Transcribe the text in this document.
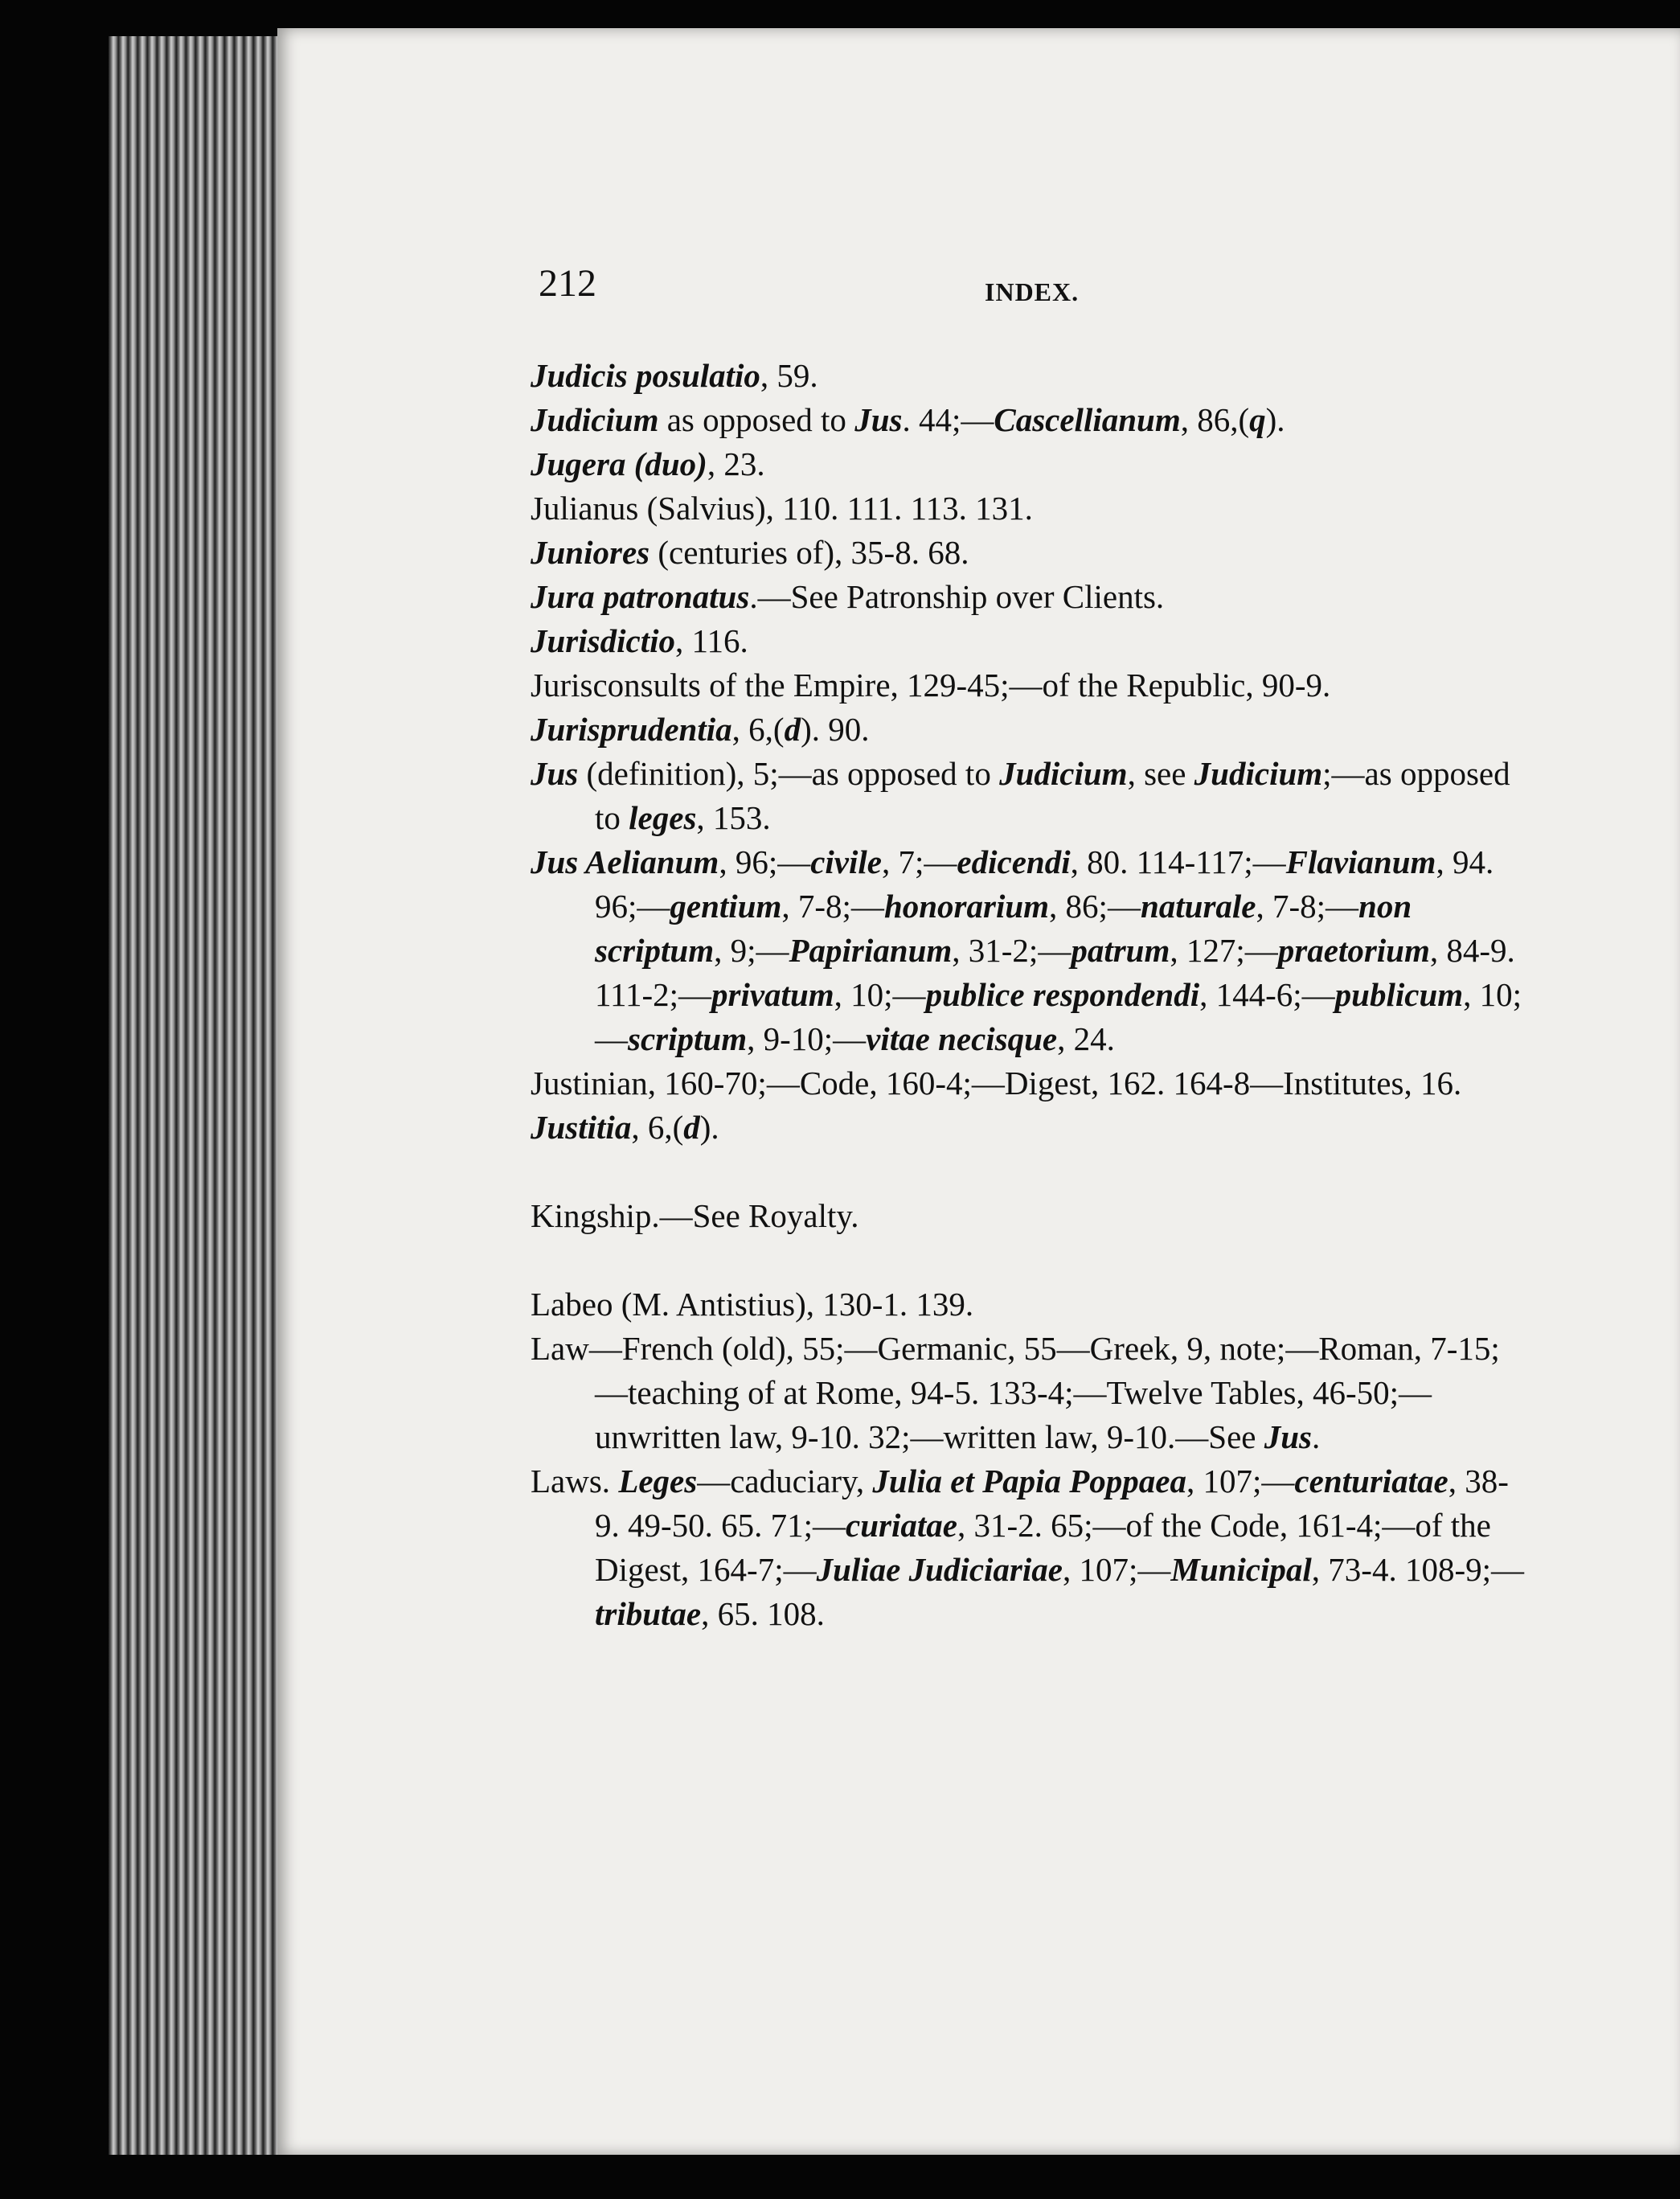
212	INDEX.
Judicis posulatio, 59.
Judicium as opposed to Jus. 44;—Cascellianum, 86,(q).
Jugera (duo), 23.
Julianus (Salvius), 110. 111. 113. 131.
Juniores (centuries of), 35-8. 68.
Jura patronatus.—See Patronship over Clients.
Jurisdictio, 116.
Jurisconsults of the Empire, 129-45;—of the Republic, 90-9.
Jurisprudentia, 6,(d). 90.
Jus (definition), 5;—as opposed to Judicium, see Judicium;—as opposed to leges, 153.
Jus Aelianum, 96;—civile, 7;—edicendi, 80. 114-117;—Flavianum, 94. 96;—gentium, 7-8;—honorarium, 86;—naturale, 7-8;—non scriptum, 9;—Papirianum, 31-2;—patrum, 127;—praetorium, 84-9. 111-2;—privatum, 10;—publice respondendi, 144-6;—publicum, 10;—scriptum, 9-10;—vitae necisque, 24.
Justinian, 160-70;—Code, 160-4;—Digest, 162. 164-8—Institutes, 16.
Justitia, 6,(d).
Kingship.—See Royalty.
Labeo (M. Antistius), 130-1. 139.
Law—French (old), 55;—Germanic, 55—Greek, 9, note;—Roman, 7-15;—teaching of at Rome, 94-5. 133-4;—Twelve Tables, 46-50;—unwritten law, 9-10. 32;—written law, 9-10.—See Jus.
Laws. Leges—caduciary, Julia et Papia Poppaea, 107;—centuriatae, 38-9. 49-50. 65. 71;—curiatae, 31-2. 65;—of the Code, 161-4;—of the Digest, 164-7;—Juliae Judiciariae, 107;—Municipal, 73-4. 108-9;—tributae, 65. 108.
